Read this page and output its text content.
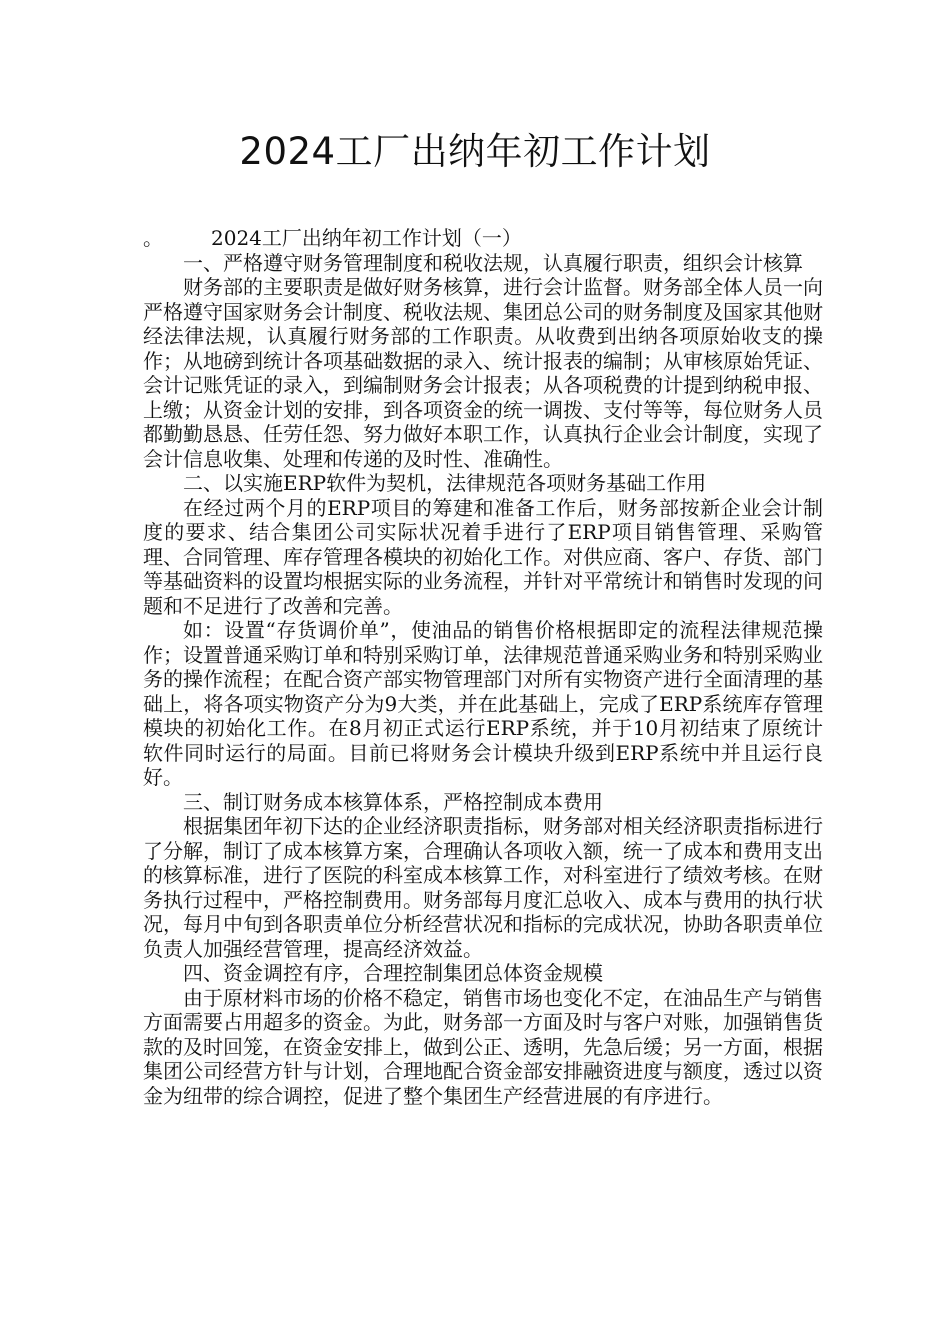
2024工厂出纳年初工作计划

。 2024工厂出纳年初工作计划（一）

一、严格遵守财务管理制度和税收法规，认真履行职责，组织会计核算

财务部的主要职责是做好财务核算，进行会计监督。财务部全体人员一向严格遵守国家财务会计制度、税收法规、集团总公司的财务制度及国家其他财经法律法规，认真履行财务部的工作职责。从收费到出纳各项原始收支的操作；从地磅到统计各项基础数据的录入、统计报表的编制；从审核原始凭证、会计记账凭证的录入，到编制财务会计报表；从各项税费的计提到纳税申报、上缴；从资金计划的安排，到各项资金的统一调拨、支付等等，每位财务人员都勤勤恳恳、任劳任怨、努力做好本职工作，认真执行企业会计制度，实现了会计信息收集、处理和传递的及时性、准确性。

二、以实施ERP软件为契机，法律规范各项财务基础工作用

在经过两个月的ERP项目的筹建和准备工作后，财务部按新企业会计制度的要求、结合集团公司实际状况着手进行了ERP项目销售管理、采购管理、合同管理、库存管理各模块的初始化工作。对供应商、客户、存货、部门等基础资料的设置均根据实际的业务流程，并针对平常统计和销售时发现的问题和不足进行了改善和完善。

如：设置“存货调价单”，使油品的销售价格根据即定的流程法律规范操作；设置普通采购订单和特别采购订单，法律规范普通采购业务和特别采购业务的操作流程；在配合资产部实物管理部门对所有实物资产进行全面清理的基础上，将各项实物资产分为9大类，并在此基础上，完成了ERP系统库存管理模块的初始化工作。在8月初正式运行ERP系统，并于10月初结束了原统计软件同时运行的局面。目前已将财务会计模块升级到ERP系统中并且运行良好。

三、制订财务成本核算体系，严格控制成本费用

根据集团年初下达的企业经济职责指标，财务部对相关经济职责指标进行了分解，制订了成本核算方案，合理确认各项收入额，统一了成本和费用支出的核算标准，进行了医院的科室成本核算工作，对科室进行了绩效考核。在财务执行过程中，严格控制费用。财务部每月度汇总收入、成本与费用的执行状况，每月中旬到各职责单位分析经营状况和指标的完成状况，协助各职责单位负责人加强经营管理，提高经济效益。

四、资金调控有序，合理控制集团总体资金规模

由于原材料市场的价格不稳定，销售市场也变化不定，在油品生产与销售方面需要占用超多的资金。为此，财务部一方面及时与客户对账，加强销售货款的及时回笼，在资金安排上，做到公正、透明，先急后缓；另一方面，根据集团公司经营方针与计划，合理地配合资金部安排融资进度与额度，透过以资金为纽带的综合调控，促进了整个集团生产经营进展的有序进行。
